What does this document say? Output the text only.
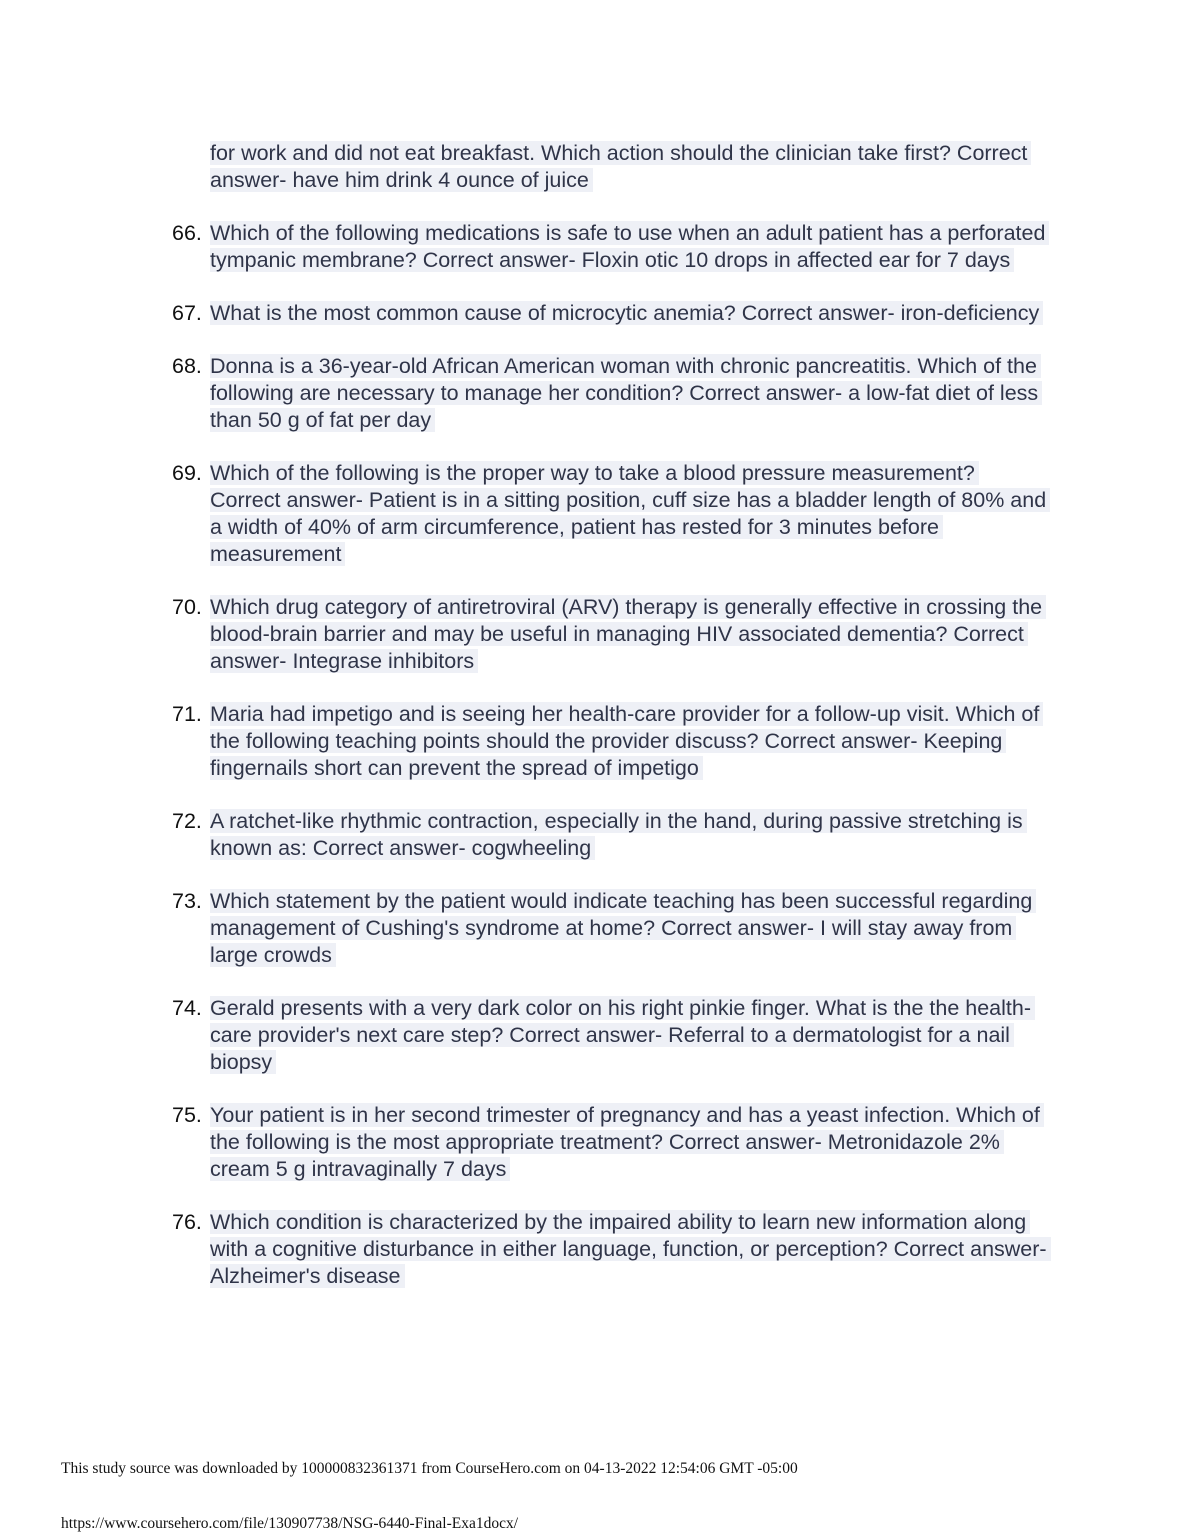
for work and did not eat breakfast. Which action should the clinician take first? Correct answer- have him drink 4 ounce of juice
66. Which of the following medications is safe to use when an adult patient has a perforated tympanic membrane? Correct answer- Floxin otic 10 drops in affected ear for 7 days
67. What is the most common cause of microcytic anemia? Correct answer- iron-deficiency
68. Donna is a 36-year-old African American woman with chronic pancreatitis. Which of the following are necessary to manage her condition? Correct answer- a low-fat diet of less than 50 g of fat per day
69. Which of the following is the proper way to take a blood pressure measurement? Correct answer- Patient is in a sitting position, cuff size has a bladder length of 80% and a width of 40% of arm circumference, patient has rested for 3 minutes before measurement
70. Which drug category of antiretroviral (ARV) therapy is generally effective in crossing the blood-brain barrier and may be useful in managing HIV associated dementia? Correct answer- Integrase inhibitors
71. Maria had impetigo and is seeing her health-care provider for a follow-up visit. Which of the following teaching points should the provider discuss? Correct answer- Keeping fingernails short can prevent the spread of impetigo
72. A ratchet-like rhythmic contraction, especially in the hand, during passive stretching is known as: Correct answer- cogwheeling
73. Which statement by the patient would indicate teaching has been successful regarding management of Cushing's syndrome at home? Correct answer- I will stay away from large crowds
74. Gerald presents with a very dark color on his right pinkie finger. What is the the health-care provider's next care step? Correct answer- Referral to a dermatologist for a nail biopsy
75. Your patient is in her second trimester of pregnancy and has a yeast infection. Which of the following is the most appropriate treatment? Correct answer- Metronidazole 2% cream 5 g intravaginally 7 days
76. Which condition is characterized by the impaired ability to learn new information along with a cognitive disturbance in either language, function, or perception? Correct answer- Alzheimer's disease
This study source was downloaded by 100000832361371 from CourseHero.com on 04-13-2022 12:54:06 GMT -05:00
https://www.coursehero.com/file/130907738/NSG-6440-Final-Exa1docx/
